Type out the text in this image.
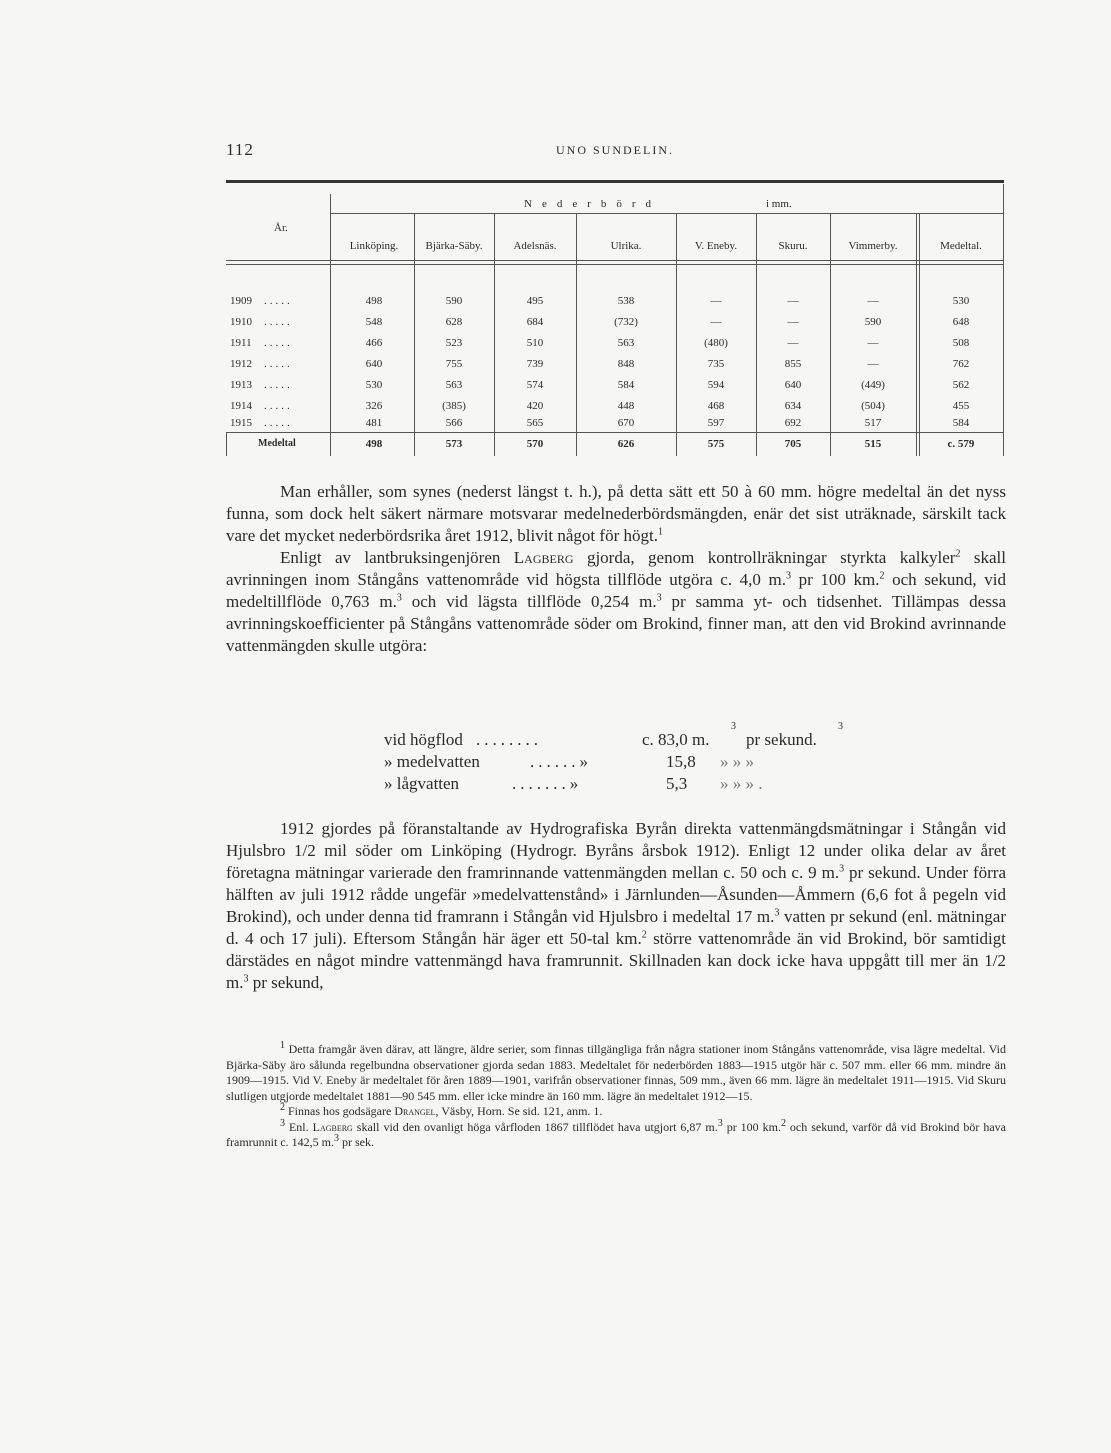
112	UNO SUNDELIN.
Nederbörd	i mm.
År.
Linköping.	Bjärka-Säby.	Adelsnäs.	Ulrika.	V. Eneby.	Skuru.	Vimmerby.	Medeltal.
1909 .....	498	590	495	538	—	—	—	530
1910 .....	548	628	684	(732)	—	—	590	648
1911 .....	466	523	510	563	(480)	—	—	508
1912 .....	640	755	739	848	735	855	—	762
1913 .....	530	563	574	584	594	640	(449)	562
1914 .....	326	(385)	420	448	468	634	(504)	455
1915 .....	481	566	565	670	597	692	517	584
Medeltal	498	573	570	626	575	705	515	c. 579

Man erhåller, som synes (nederst längst t. h.), på detta sätt ett 50 à 60 mm. högre medeltal än det nyss funna, som dock helt säkert närmare motsvarar medelnederbördsmängden, enär det sist uträknade, särskilt tack vare det mycket nederbördsrika året 1912, blivit något för högt.$^1$

Enligt av lantbruksingenjören Lagberg gjorda, genom kontrollräkningar styrkta kalkyler$^2$ skall avrinningen inom Stångåns vattenområde vid högsta tillflöde utgöra c. 4,0 m.$^3$ pr 100 km.$^2$ och sekund, vid medeltillflöde 0,763 m.$^3$ och vid lägsta tillflöde 0,254 m.$^3$ pr samma yt- och tidsenhet. Tillämpas dessa avrinningskoefficienter på Stångåns vattenområde söder om Brokind, finner man, att den vid Brokind avrinnande vattenmängden skulle utgöra:

vid högflod ........	c. 83,0 m.
3
pr sekund.
3
» medelvatten	......»	15,8 » » »
» lågvatten	.......»	5,3 » » » .

1912 gjordes på föranstaltande av Hydrografiska Byrån direkta vattenmängdsmätningar i Stångån vid Hjulsbro 1/2 mil söder om Linköping (Hydrogr. Byråns årsbok 1912). Enligt 12 under olika delar av året företagna mätningar varierade den framrinnande vattenmängden mellan c. 50 och c. 9 m.$^3$ pr sekund. Under förra hälften av juli 1912 rådde ungefär »medelvattenstånd» i Järnlunden—Åsunden—Åmmern (6,6 fot å pegeln vid Brokind), och under denna tid framrann i Stångån vid Hjulsbro i medeltal 17 m.$^3$ vatten pr sekund (enl. mätningar d. 4 och 17 juli). Eftersom Stångån här äger ett 50-tal km.$^2$ större vattenområde än vid Brokind, bör samtidigt därstädes en något mindre vattenmängd hava framrunnit. Skillnaden kan dock icke hava uppgått till mer än 1/2 m.$^3$ pr sekund,

$^1$ Detta framgår även därav, att längre, äldre serier, som finnas tillgängliga från några stationer inom Stångåns vattenområde, visa lägre medeltal. Vid Bjärka-Säby äro sålunda regelbundna observationer gjorda sedan 1883. Medeltalet för nederbörden 1883—1915 utgör här c. 507 mm. eller 66 mm. mindre än 1909—1915. Vid V. Eneby är medeltalet för åren 1889—1901, varifrån observationer finnas, 509 mm., även 66 mm. lägre än medeltalet 1911—1915. Vid Skuru slutligen utgjorde medeltalet 1881—90 545 mm. eller icke mindre än 160 mm. lägre än medeltalet 1912—15.

$^2$ Finnas hos godsägare Drangel, Väsby, Horn. Se sid. 121, anm. 1.

$^3$ Enl. Lagberg skall vid den ovanligt höga vårfloden 1867 tillflödet hava utgjort 6,87 m.$^3$ pr 100 km.$^2$ och sekund, varför då vid Brokind bör hava framrunnit c. 142,5 m.$^3$ pr sek.
